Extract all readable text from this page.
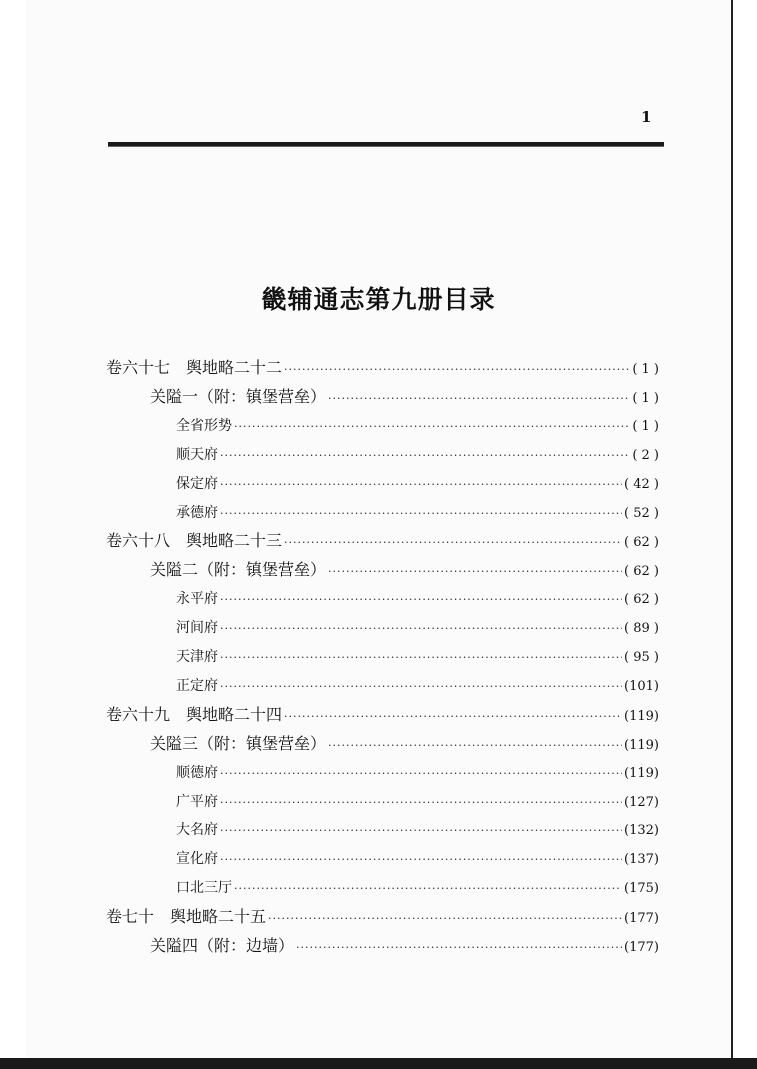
1
畿辅通志第九册目录
卷六十七　舆地略二十二 ·····	( 1 )
关隘一（附：镇堡营垒） ·····	( 1 )
全省形势 ·····	( 1 )
顺天府 ·····	( 2 )
保定府 ·····	( 42 )
承德府 ·····	( 52 )
卷六十八　舆地略二十三 ·····	( 62 )
关隘二（附：镇堡营垒） ·····	( 62 )
永平府 ·····	( 62 )
河间府 ·····	( 89 )
天津府 ·····	( 95 )
正定府 ·····	(101)
卷六十九　舆地略二十四 ·····	(119)
关隘三（附：镇堡营垒） ·····	(119)
顺德府 ·····	(119)
广平府 ·····	(127)
大名府 ·····	(132)
宣化府 ·····	(137)
口北三厅 ·····	(175)
卷七十　舆地略二十五 ·····	(177)
关隘四（附：边墙） ·····	(177)
